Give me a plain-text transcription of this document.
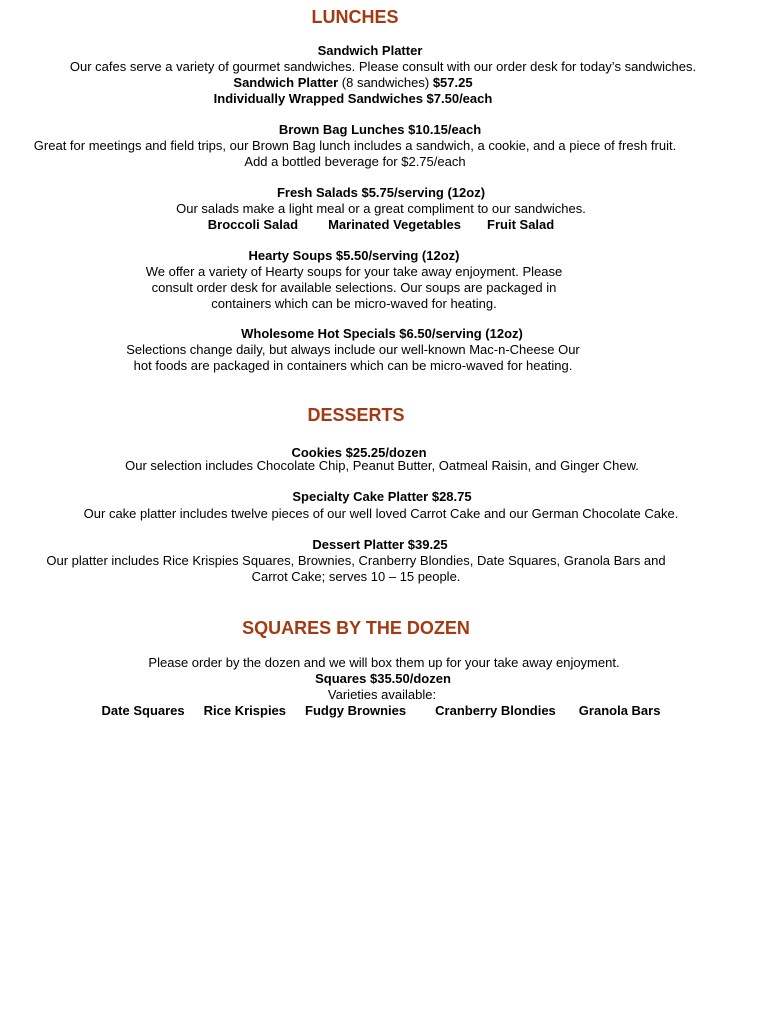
LUNCHES
Sandwich Platter
Our cafes serve a variety of gourmet sandwiches. Please consult with our order desk for today’s sandwiches.
Sandwich Platter (8 sandwiches) $57.25
Individually Wrapped Sandwiches $7.50/each
Brown Bag Lunches $10.15/each
Great for meetings and field trips, our Brown Bag lunch includes a sandwich, a cookie, and a piece of fresh fruit.
Add a bottled beverage for $2.75/each
Fresh Salads $5.75/serving (12oz)
Our salads make a light meal or a great compliment to our sandwiches.
Broccoli Salad Marinated Vegetables Fruit Salad
Hearty Soups $5.50/serving (12oz)
We offer a variety of Hearty soups for your take away enjoyment. Please
consult order desk for available selections. Our soups are packaged in
containers which can be micro-waved for heating.
Wholesome Hot Specials $6.50/serving (12oz)
Selections change daily, but always include our well-known Mac-n-Cheese Our
hot foods are packaged in containers which can be micro-waved for heating.
DESSERTS
Cookies $25.25/dozen
Our selection includes Chocolate Chip, Peanut Butter, Oatmeal Raisin, and Ginger Chew.
Specialty Cake Platter $28.75
Our cake platter includes twelve pieces of our well loved Carrot Cake and our German Chocolate Cake.
Dessert Platter $39.25
Our platter includes Rice Krispies Squares, Brownies, Cranberry Blondies, Date Squares, Granola Bars and
Carrot Cake; serves 10 – 15 people.
SQUARES BY THE DOZEN
Please order by the dozen and we will box them up for your take away enjoyment.
Squares $35.50/dozen
Varieties available:
Date Squares Rice Krispies Fudgy Brownies Cranberry Blondies Granola Bars
